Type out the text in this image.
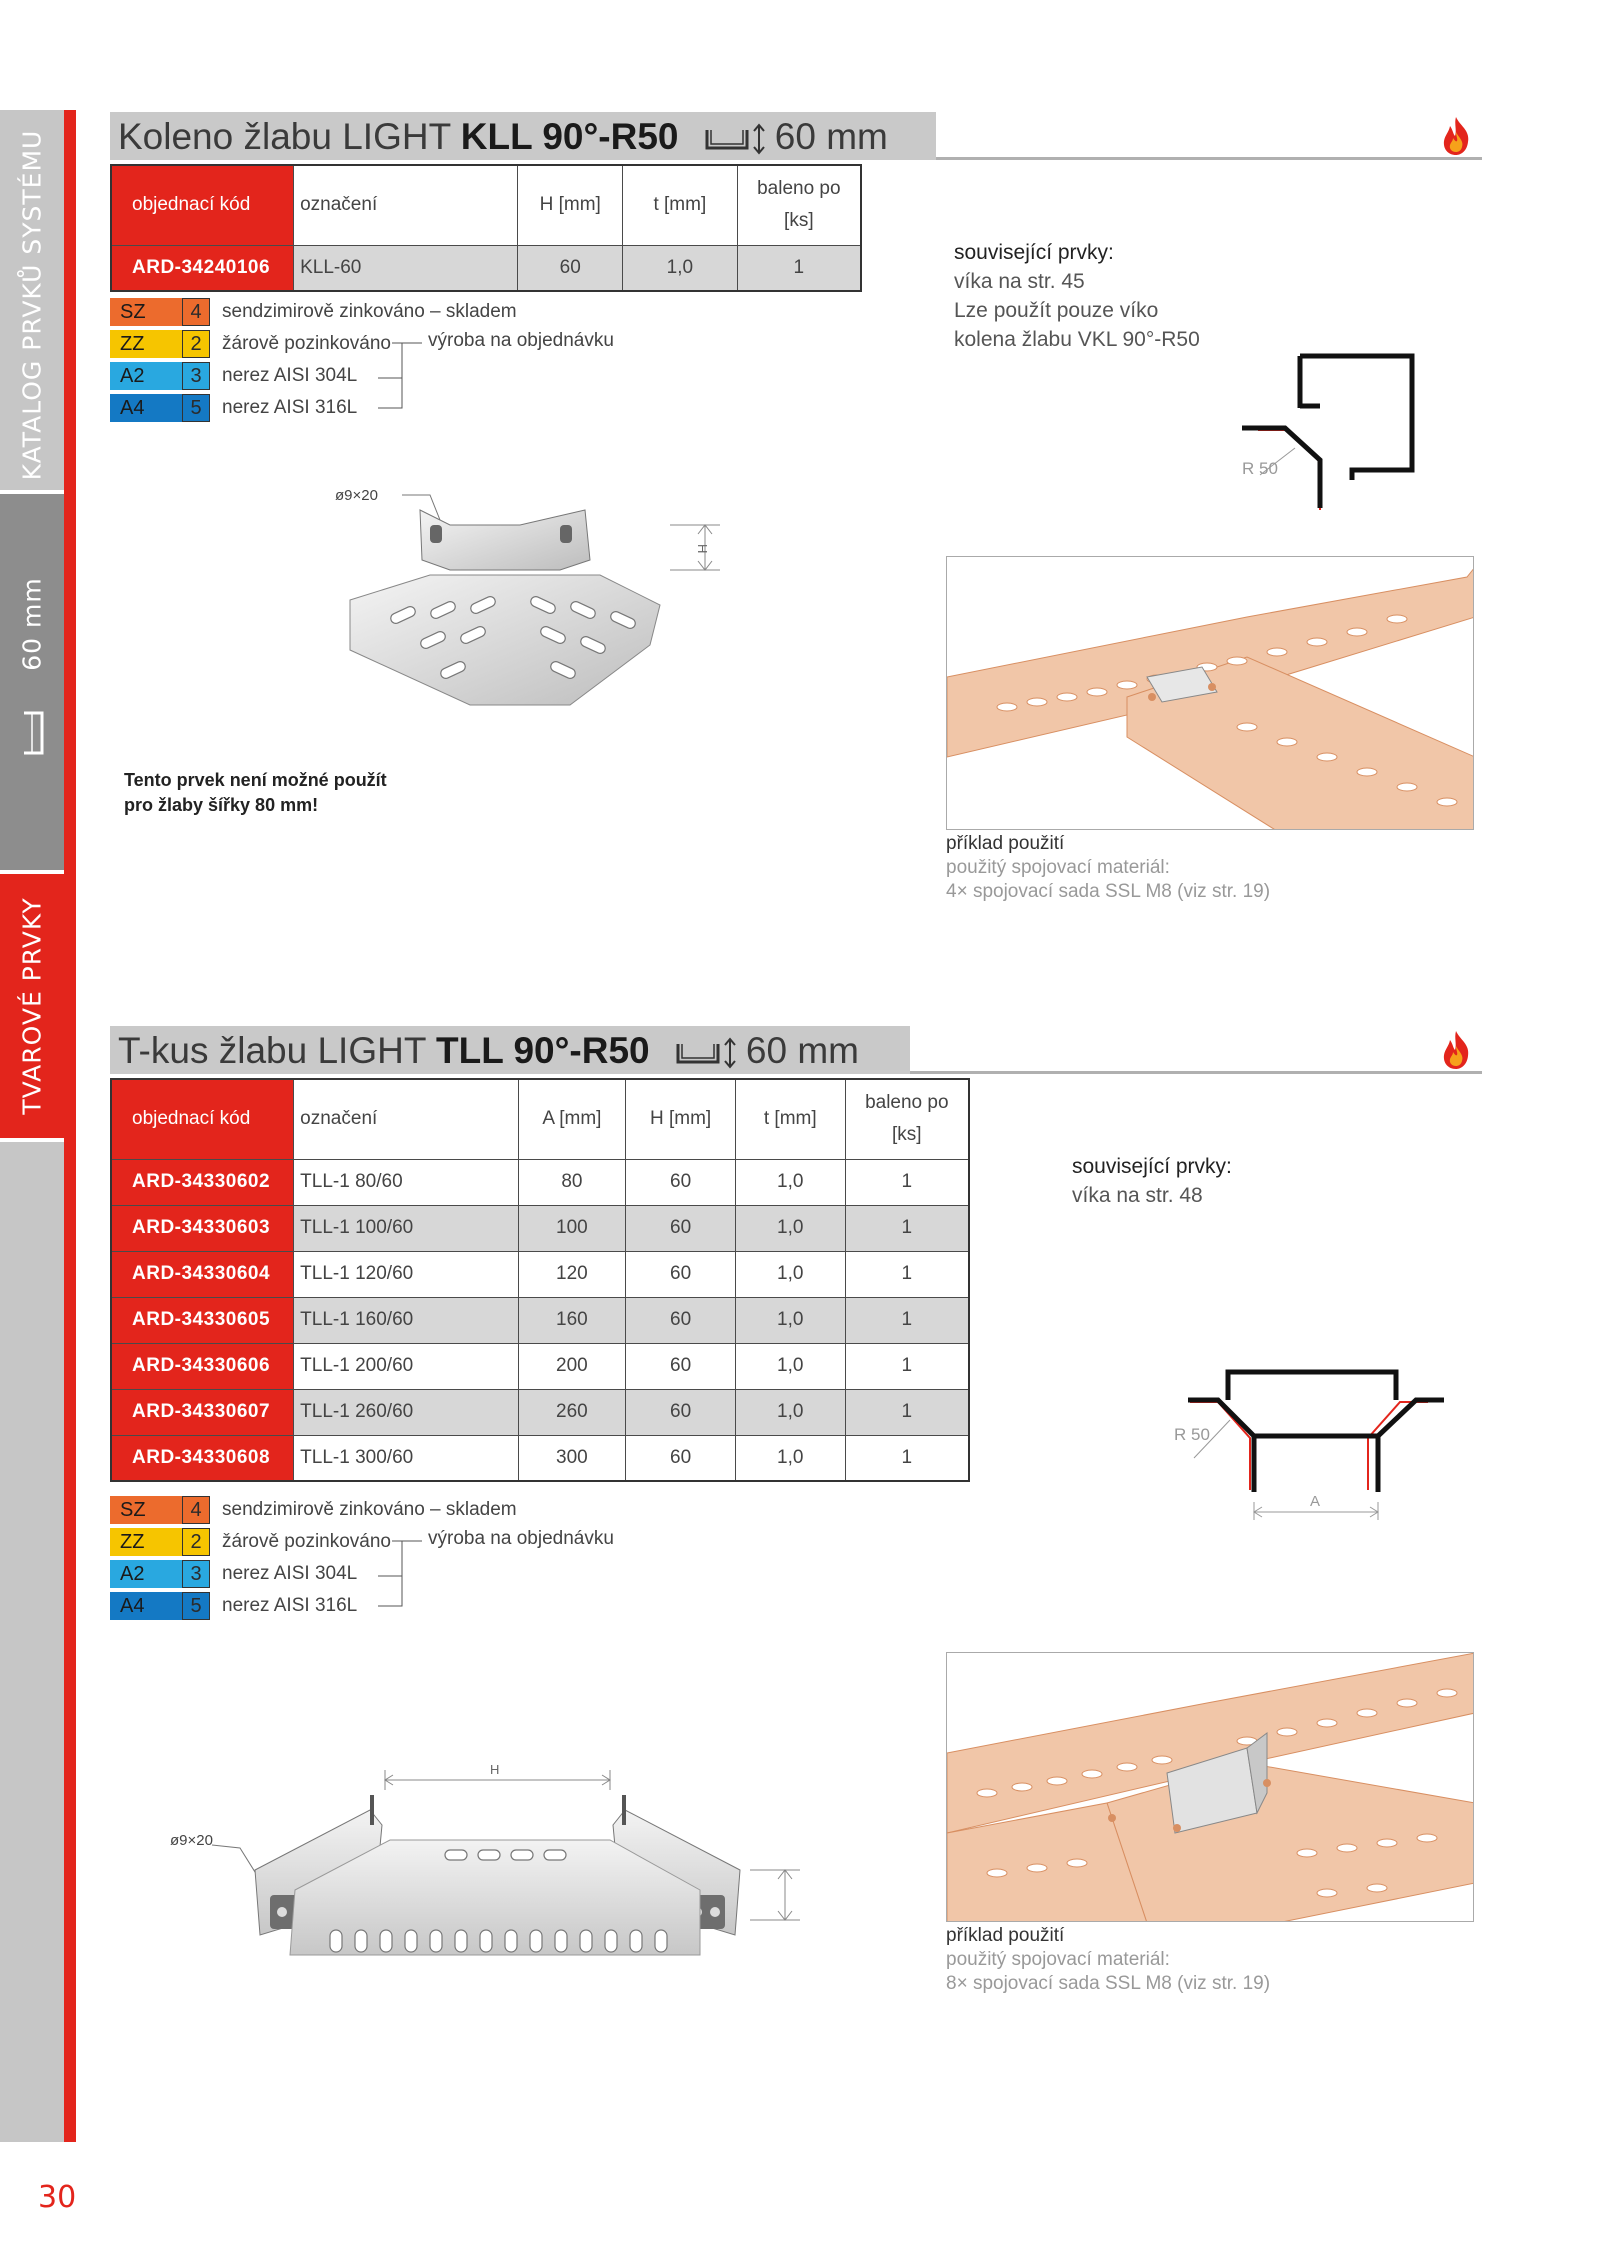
KATALOG PRVKŮ SYSTÉMU
60 mm
TVAROVÉ PRVKY
30
Koleno žlabu LIGHT KLL 90°-R50	60 mm
objednací kód	označení	H [mm]	t [mm]	baleno po [ks]
ARD-34240106	KLL-60	60	1,0	1
SZ	4	sendzimirově zinkováno – skladem
ZZ	2	žárově pozinkováno
A2	3	nerez AISI 304L
A4	5	nerez AISI 316L
výroba na objednávku
ø9×20
H
Tento prvek není možné použít
pro žlaby šířky 80 mm!
související prvky:
víka na str. 45
Lze použít pouze víko
kolena žlabu VKL 90°-R50
R 50
příklad použití
použitý spojovací materiál:
4× spojovací sada SSL M8 (viz str. 19)
T-kus žlabu LIGHT TLL 90°-R50	60 mm
objednací kód	označení	A [mm]	H [mm]	t [mm]	baleno po [ks]
ARD-34330602	TLL-1 80/60	80	60	1,0	1
ARD-34330603	TLL-1 100/60	100	60	1,0	1
ARD-34330604	TLL-1 120/60	120	60	1,0	1
ARD-34330605	TLL-1 160/60	160	60	1,0	1
ARD-34330606	TLL-1 200/60	200	60	1,0	1
ARD-34330607	TLL-1 260/60	260	60	1,0	1
ARD-34330608	TLL-1 300/60	300	60	1,0	1
SZ	4	sendzimirově zinkováno – skladem
ZZ	2	žárově pozinkováno
A2	3	nerez AISI 304L
A4	5	nerez AISI 316L
výroba na objednávku
související prvky:
víka na str. 48
R 50
A
ø9×20
H
příklad použití
použitý spojovací materiál:
8× spojovací sada SSL M8 (viz str. 19)
